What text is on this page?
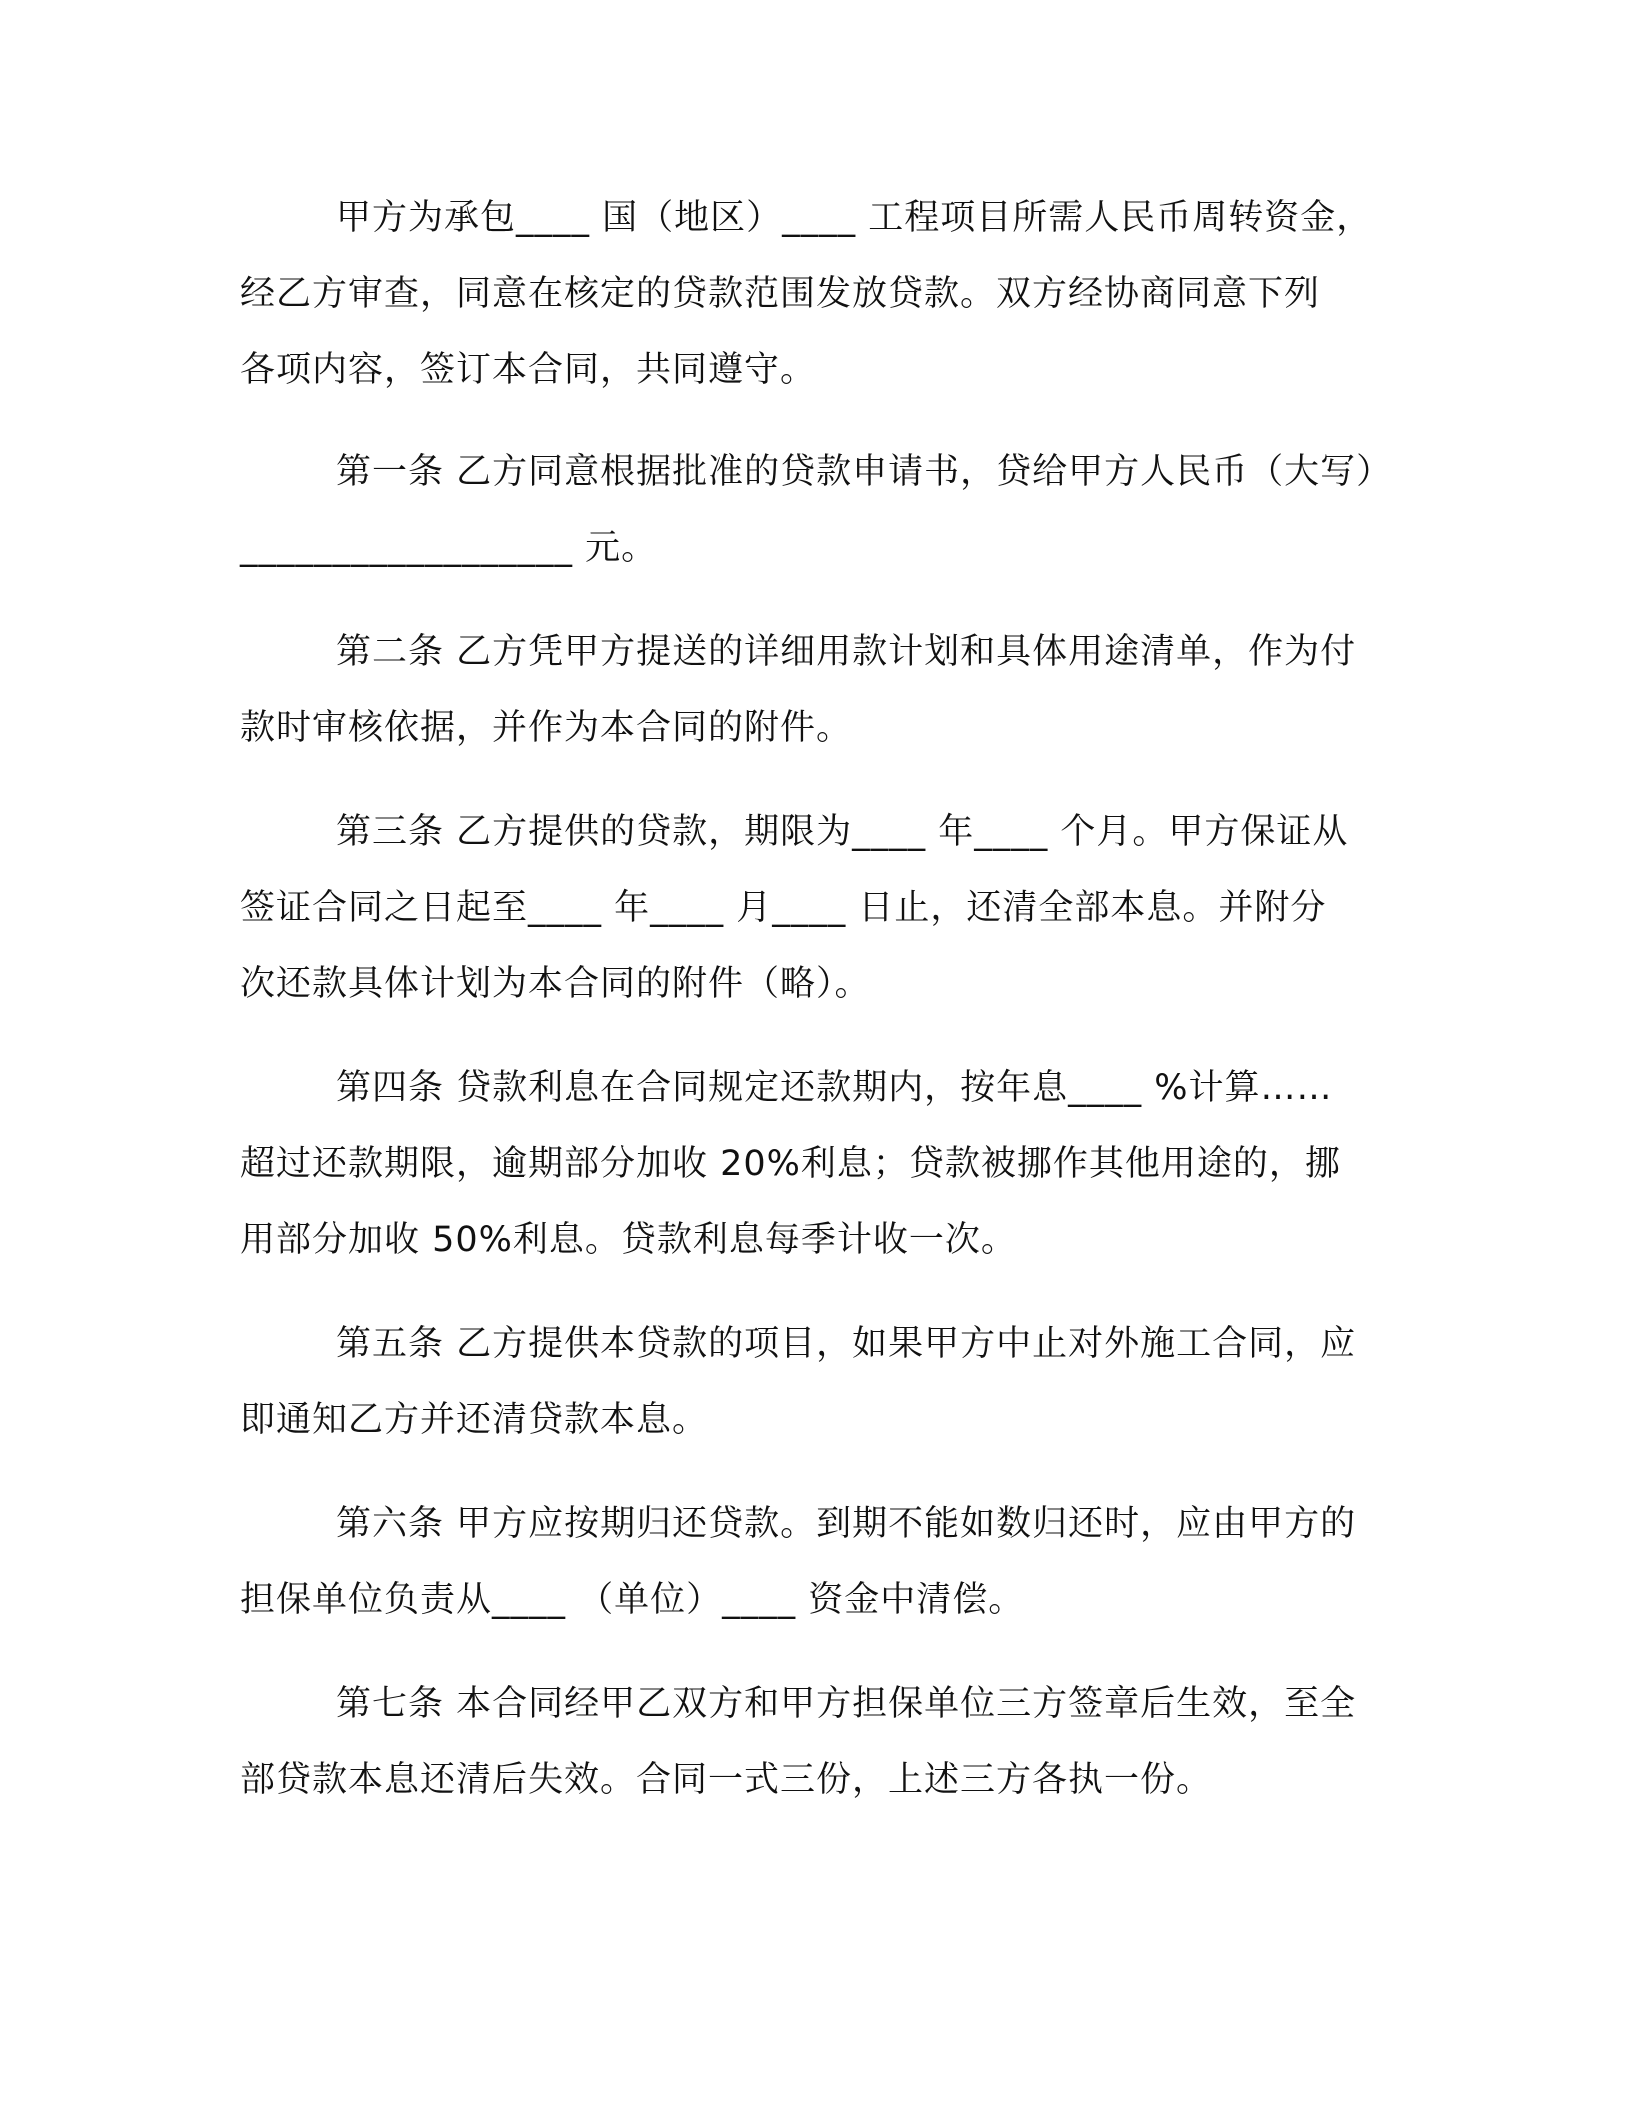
甲方为承包____ 国（地区）____ 工程项目所需人民币周转资金，
经乙方审查，同意在核定的贷款范围发放贷款。双方经协商同意下列
各项内容，签订本合同，共同遵守。
第一条 乙方同意根据批准的贷款申请书，贷给甲方人民币（大写）
__________________ 元。
第二条 乙方凭甲方提送的详细用款计划和具体用途清单，作为付
款时审核依据，并作为本合同的附件。
第三条 乙方提供的贷款，期限为____ 年____ 个月。甲方保证从
签证合同之日起至____ 年____ 月____ 日止，还清全部本息。并附分
次还款具体计划为本合同的附件（略）。
第四条 贷款利息在合同规定还款期内，按年息____ %计算……
超过还款期限，逾期部分加收 20%利息；贷款被挪作其他用途的，挪
用部分加收 50%利息。贷款利息每季计收一次。
第五条 乙方提供本贷款的项目，如果甲方中止对外施工合同，应
即通知乙方并还清贷款本息。
第六条 甲方应按期归还贷款。到期不能如数归还时，应由甲方的
担保单位负责从____ （单位）____ 资金中清偿。
第七条 本合同经甲乙双方和甲方担保单位三方签章后生效，至全
部贷款本息还清后失效。合同一式三份，上述三方各执一份。
